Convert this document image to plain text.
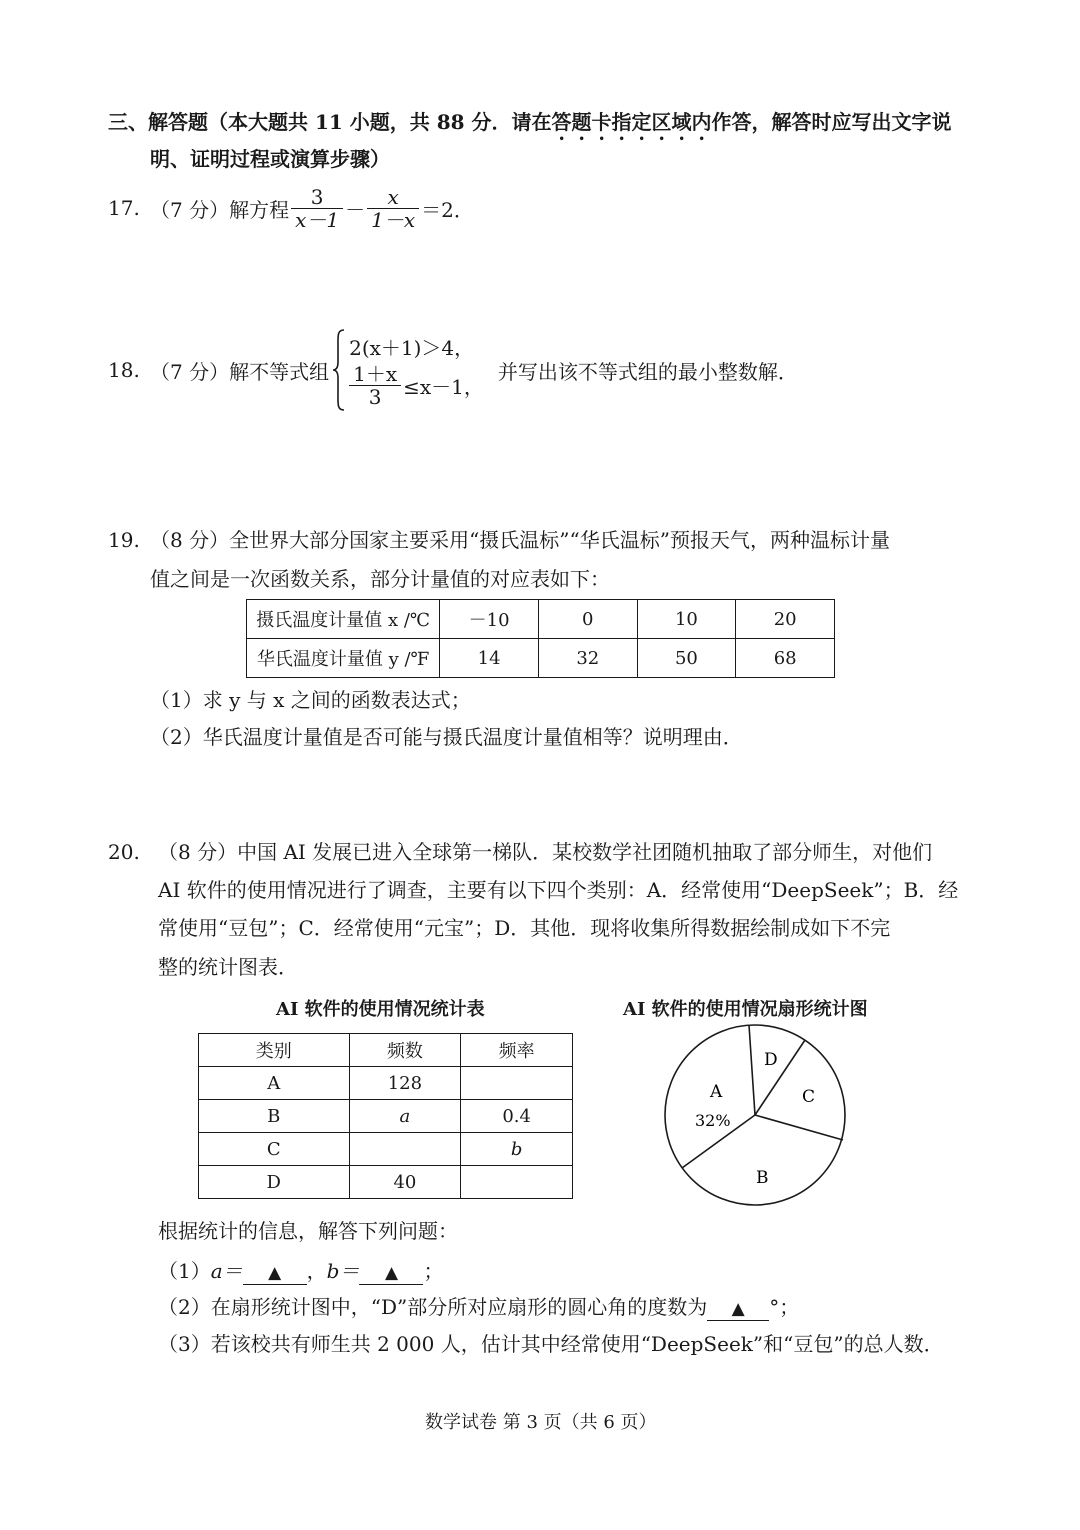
三、解答题（本大题共 11 小题，共 88 分．请在答题卡指定区域内作答，解答时应写出文字说
明、证明过程或演算步骤）
17. （7 分）解方程 $\frac{3}{x-1} - \frac{x}{1-x} =2$．
18. （7 分）解不等式组
2(x＋1)＞4，
$\frac{1+x}{3} \le x-1$，
并写出该不等式组的最小整数解．
19. （8 分）全世界大部分国家主要采用“摄氏温标”“华氏温标”预报天气，两种温标计量
值之间是一次函数关系，部分计量值的对应表如下：
摄氏温度计量值 x /℃	－10	0	10	20
华氏温度计量值 y /℉	14	32	50	68
（1）求 y 与 x 之间的函数表达式；
（2）华氏温度计量值是否可能与摄氏温度计量值相等？说明理由．
20. （8 分）中国 AI 发展已进入全球第一梯队．某校数学社团随机抽取了部分师生，对他们
AI 软件的使用情况进行了调查，主要有以下四个类别：A．经常使用“DeepSeek”；B．经
常使用“豆包”；C．经常使用“元宝”；D．其他．现将收集所得数据绘制成如下不完
整的统计图表．
AI 软件的使用情况统计表
类别	频数	频率
A	128	
B	a	0.4
C		b
D	40	
AI 软件的使用情况扇形统计图
A
32%
B
C
D
根据统计的信息，解答下列问题：
（1）a＝ ▲ ，b＝ ▲ ；
（2）在扇形统计图中，“D”部分所对应扇形的圆心角的度数为 ▲ °；
（3）若该校共有师生共 2 000 人，估计其中经常使用“DeepSeek”和“豆包”的总人数．
数学试卷 第 3 页（共 6 页）
